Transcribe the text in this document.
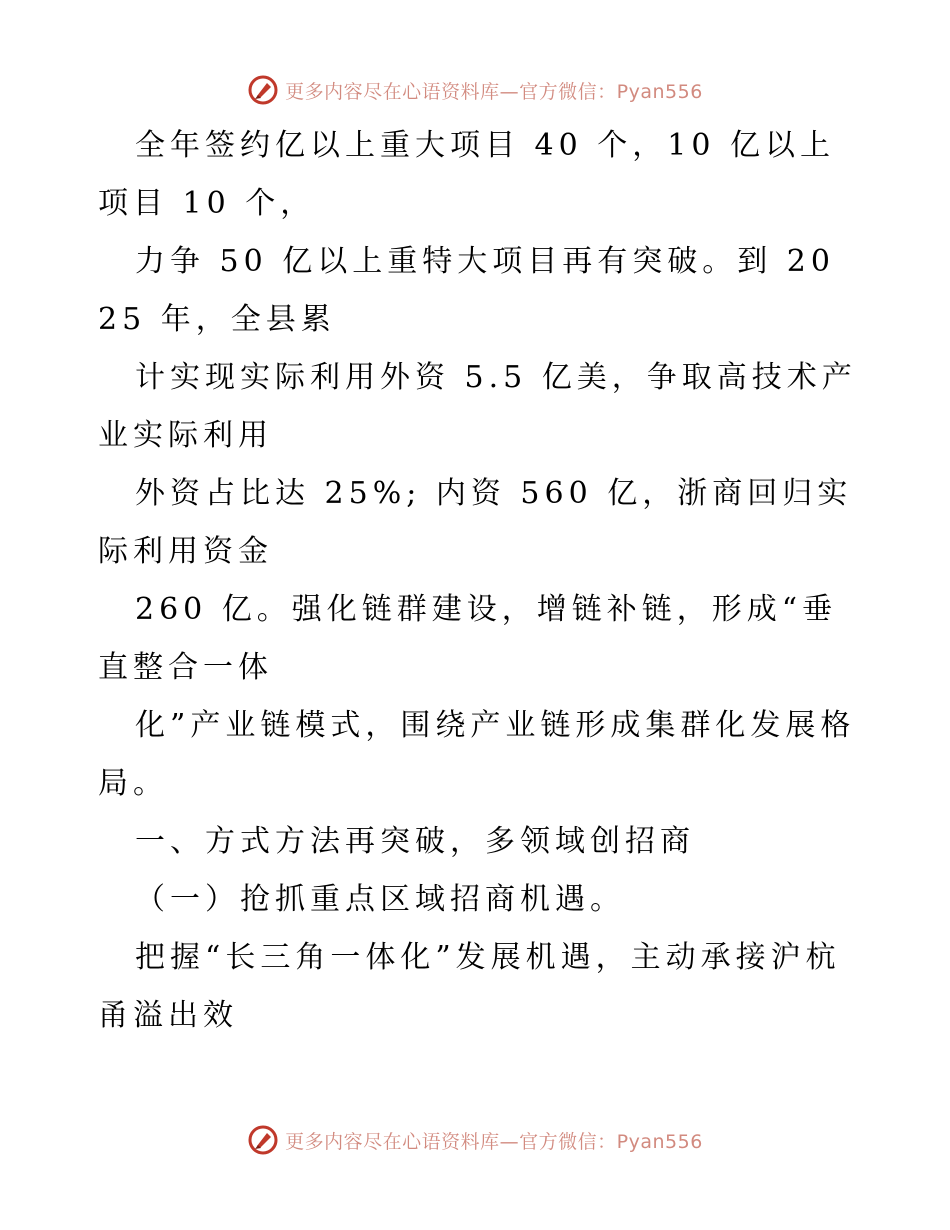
更多内容尽在心语资料库—官方微信：Pyan556

全年签约亿以上重大项目 40 个，10 亿以上项目 10 个，

力争 50 亿以上重特大项目再有突破。到 2025 年，全县累

计实现实际利用外资 5.5 亿美，争取高技术产业实际利用

外资占比达 25%; 内资 560 亿，浙商回归实际利用资金

260 亿。强化链群建设，增链补链，形成“垂直整合一体

化”产业链模式，围绕产业链形成集群化发展格局。

一、方式方法再突破，多领域创招商

（一）抢抓重点区域招商机遇。

把握“长三角一体化”发展机遇，主动承接沪杭甬溢出效

更多内容尽在心语资料库—官方微信：Pyan556
